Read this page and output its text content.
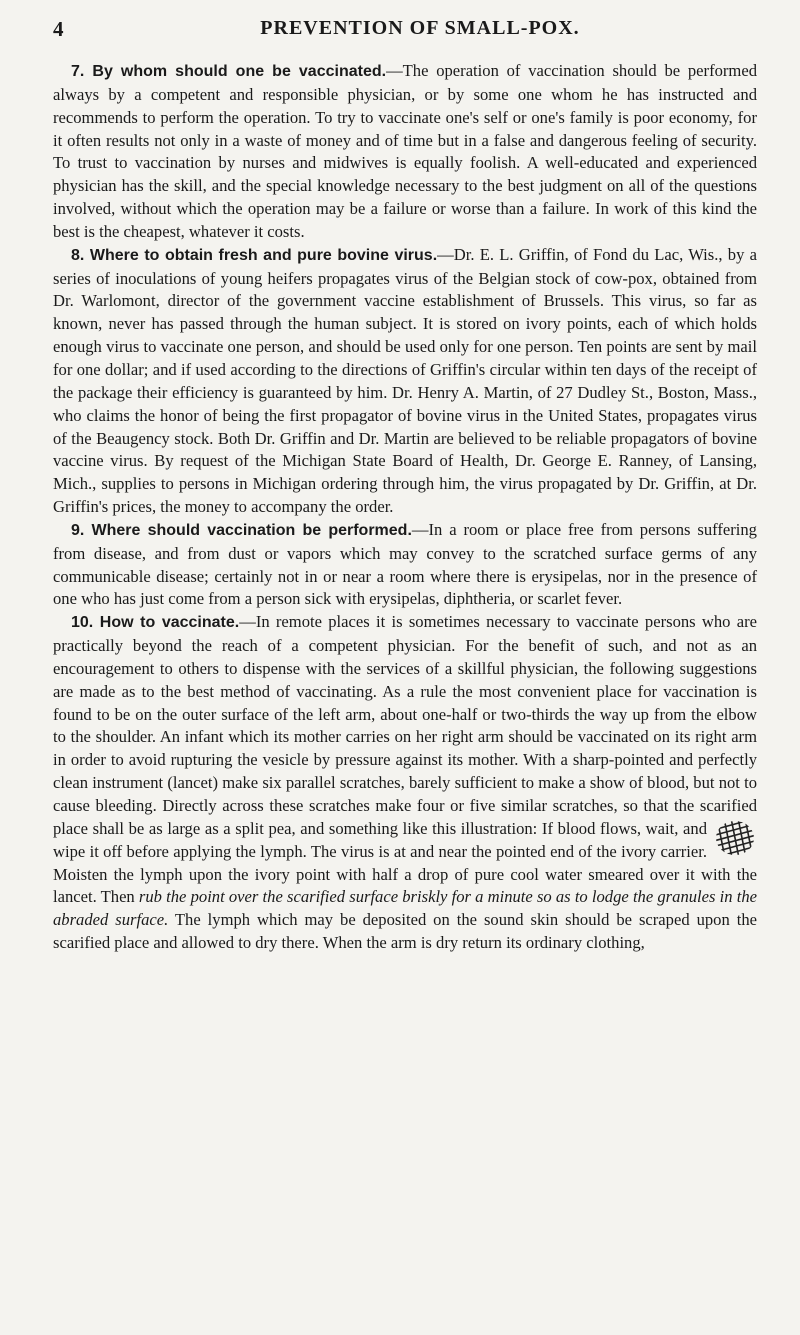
4	PREVENTION OF SMALL-POX.

7. By whom should one be vaccinated.—The operation of vaccination should be performed always by a competent and responsible physician, or by some one whom he has instructed and recommends to perform the operation. To try to vaccinate one's self or one's family is poor economy, for it often results not only in a waste of money and of time but in a false and dangerous feeling of security. To trust to vaccination by nurses and midwives is equally foolish. A well-educated and experienced physician has the skill, and the special knowledge necessary to the best judgment on all of the questions involved, without which the operation may be a failure or worse than a failure. In work of this kind the best is the cheapest, whatever it costs.

8. Where to obtain fresh and pure bovine virus.—Dr. E. L. Griffin, of Fond du Lac, Wis., by a series of inoculations of young heifers propagates virus of the Belgian stock of cow-pox, obtained from Dr. Warlomont, director of the government vaccine establishment of Brussels. This virus, so far as known, never has passed through the human subject. It is stored on ivory points, each of which holds enough virus to vaccinate one person, and should be used only for one person. Ten points are sent by mail for one dollar; and if used according to the directions of Griffin's circular within ten days of the receipt of the package their efficiency is guaranteed by him. Dr. Henry A. Martin, of 27 Dudley St., Boston, Mass., who claims the honor of being the first propagator of bovine virus in the United States, propagates virus of the Beaugency stock. Both Dr. Griffin and Dr. Martin are believed to be reliable propagators of bovine vaccine virus. By request of the Michigan State Board of Health, Dr. George E. Ranney, of Lansing, Mich., supplies to persons in Michigan ordering through him, the virus propagated by Dr. Griffin, at Dr. Griffin's prices, the money to accompany the order.

9. Where should vaccination be performed.—In a room or place free from persons suffering from disease, and from dust or vapors which may convey to the scratched surface germs of any communicable disease; certainly not in or near a room where there is erysipelas, nor in the presence of one who has just come from a person sick with erysipelas, diphtheria, or scarlet fever.

10. How to vaccinate.—In remote places it is sometimes necessary to vaccinate persons who are practically beyond the reach of a competent physician. For the benefit of such, and not as an encouragement to others to dispense with the services of a skillful physician, the following suggestions are made as to the best method of vaccinating. As a rule the most convenient place for vaccination is found to be on the outer surface of the left arm, about one-half or two-thirds the way up from the elbow to the shoulder. An infant which its mother carries on her right arm should be vaccinated on its right arm in order to avoid rupturing the vesicle by pressure against its mother. With a sharp-pointed and perfectly clean instrument (lancet) make six parallel scratches, barely sufficient to make a show of blood, but not to cause bleeding. Directly across these scratches make four or five similar scratches, so that the scarified place shall be as large as a split pea, and something like this illustration:
If blood flows, wait, and wipe it off before applying the lymph. The virus is at and near the pointed end of the ivory carrier. Moisten the lymph upon the ivory point with half a drop of pure cool water smeared over it with the lancet. Then rub the point over the scarified surface briskly for a minute so as to lodge the granules in the abraded surface. The lymph which may be deposited on the sound skin should be scraped upon the scarified place and allowed to dry there. When the arm is dry return its ordinary clothing,
